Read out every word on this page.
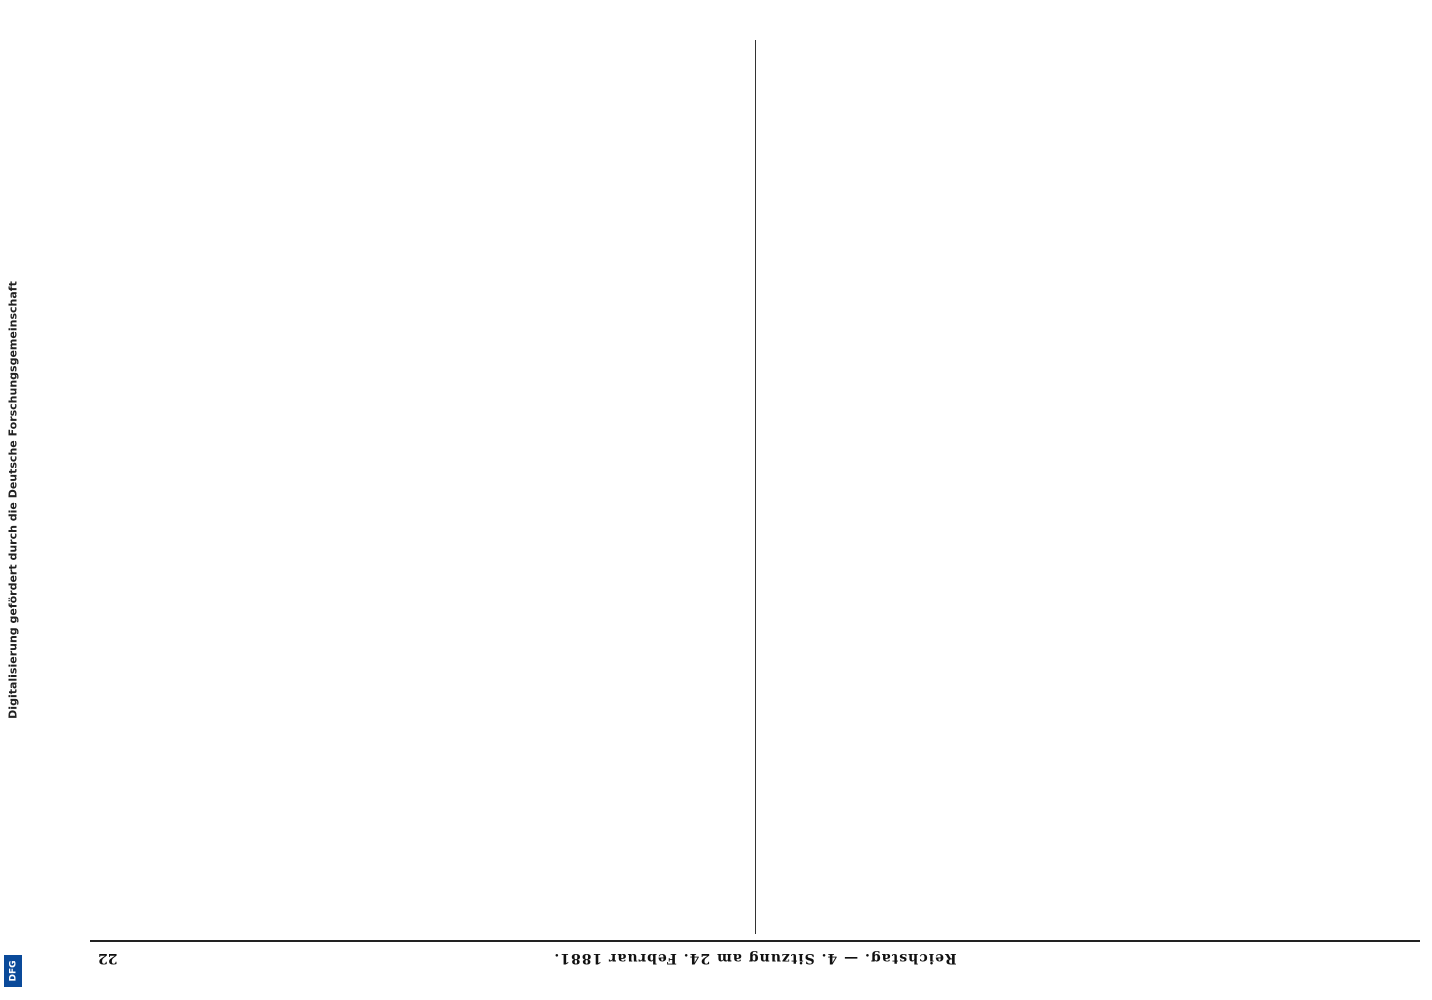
Digitalisierung gefördert durch die Deutsche Forschungsgemeinschaft
DFG
22	Reichstag. — 4. Sitzung am 24. Februar 1881.
